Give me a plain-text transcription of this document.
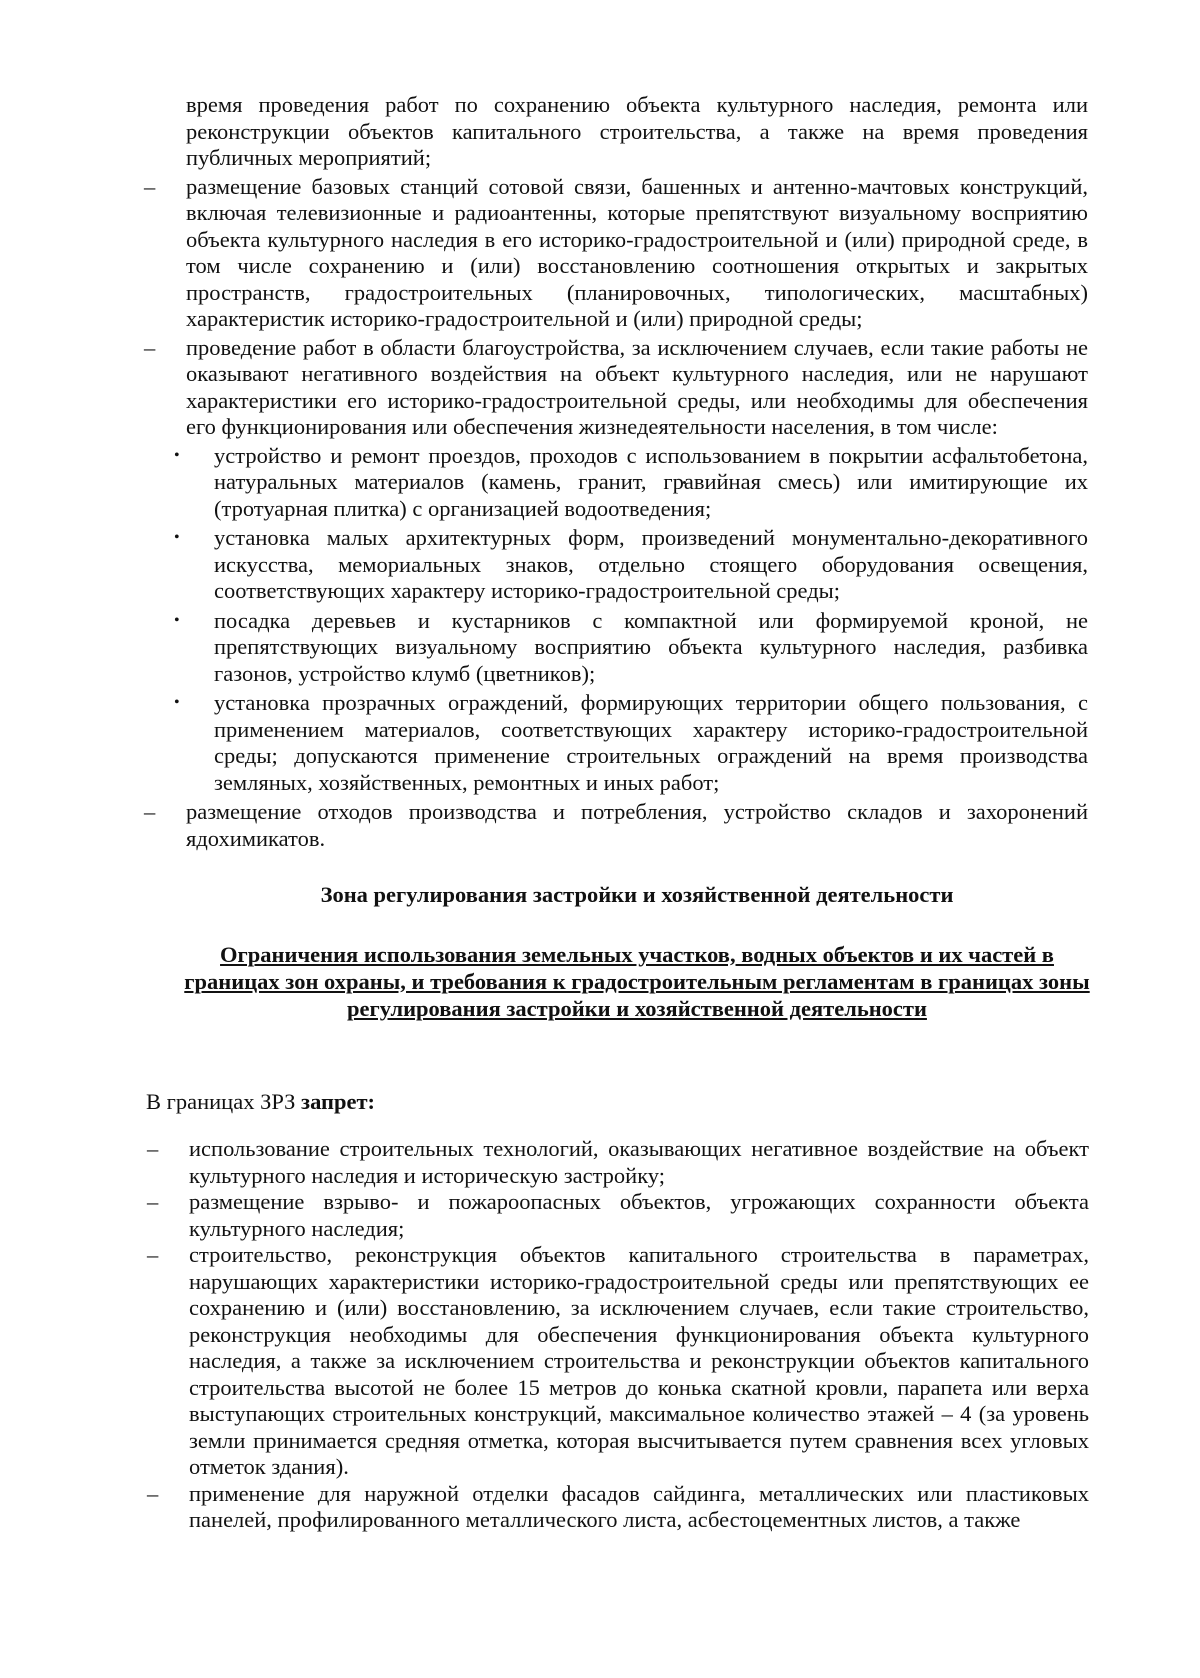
время проведения работ по сохранению объекта культурного наследия, ремонта или реконструкции объектов капитального строительства, а также на время проведения публичных мероприятий;

– размещение базовых станций сотовой связи, башенных и антенно-мачтовых конструкций, включая телевизионные и радиоантенны, которые препятствуют визуальному восприятию объекта культурного наследия в его историко-градостроительной и (или) природной среде, в том числе сохранению и (или) восстановлению соотношения открытых и закрытых пространств, градостроительных (планировочных, типологических, масштабных) характеристик историко-градостроительной и (или) природной среды;

– проведение работ в области благоустройства, за исключением случаев, если такие работы не оказывают негативного воздействия на объект культурного наследия, или не нарушают характеристики его историко-градостроительной среды, или необходимы для обеспечения его функционирования или обеспечения жизнедеятельности населения, в том числе:

• устройство и ремонт проездов, проходов с использованием в покрытии асфальтобетона, натуральных материалов (камень, гранит, гравийная смесь) или имитирующие их (тротуарная плитка) с организацией водоотведения;

• установка малых архитектурных форм, произведений монументально-декоративного искусства, мемориальных знаков, отдельно стоящего оборудования освещения, соответствующих характеру историко-градостроительной среды;

• посадка деревьев и кустарников с компактной или формируемой кроной, не препятствующих визуальному восприятию объекта культурного наследия, разбивка газонов, устройство клумб (цветников);

• установка прозрачных ограждений, формирующих территории общего пользования, с применением материалов, соответствующих характеру историко-градостроительной среды; допускаются применение строительных ограждений на время производства земляных, хозяйственных, ремонтных и иных работ;

– размещение отходов производства и потребления, устройство складов и захоронений ядохимикатов.

Зона регулирования застройки и хозяйственной деятельности

Ограничения использования земельных участков, водных объектов и их частей в границах зон охраны, и требования к градостроительным регламентам в границах зоны регулирования застройки и хозяйственной деятельности

В границах ЗРЗ запрет:

– использование строительных технологий, оказывающих негативное воздействие на объект культурного наследия и историческую застройку;

– размещение взрыво- и пожароопасных объектов, угрожающих сохранности объекта культурного наследия;

– строительство, реконструкция объектов капитального строительства в параметрах, нарушающих характеристики историко-градостроительной среды или препятствующих ее сохранению и (или) восстановлению, за исключением случаев, если такие строительство, реконструкция необходимы для обеспечения функционирования объекта культурного наследия, а также за исключением строительства и реконструкции объектов капитального строительства высотой не более 15 метров до конька скатной кровли, парапета или верха выступающих строительных конструкций, максимальное количество этажей – 4 (за уровень земли принимается средняя отметка, которая высчитывается путем сравнения всех угловых отметок здания).

– применение для наружной отделки фасадов сайдинга, металлических или пластиковых панелей, профилированного металлического листа, асбестоцементных листов, а также
